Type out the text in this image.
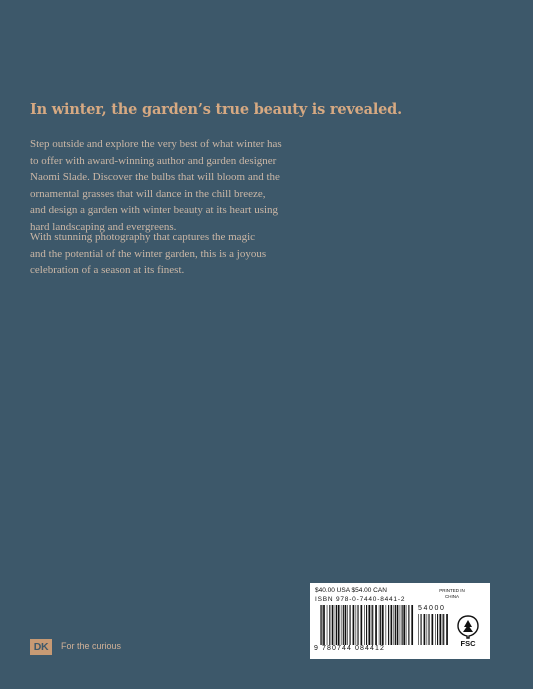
In winter, the garden’s true beauty is revealed.

Step outside and explore the very best of what winter has
to offer with award-winning author and garden designer
Naomi Slade. Discover the bulbs that will bloom and the
ornamental grasses that will dance in the chill breeze,
and design a garden with winter beauty at its heart using
hard landscaping and evergreens.

With stunning photography that captures the magic
and the potential of the winter garden, this is a joyous
celebration of a season at its finest.

DK	For the curious
$40.00 USA $54.00 CAN	PRINTED IN CHINA
ISBN 978-0-7440-8441-2
54000
9 780744 084412
FSC
